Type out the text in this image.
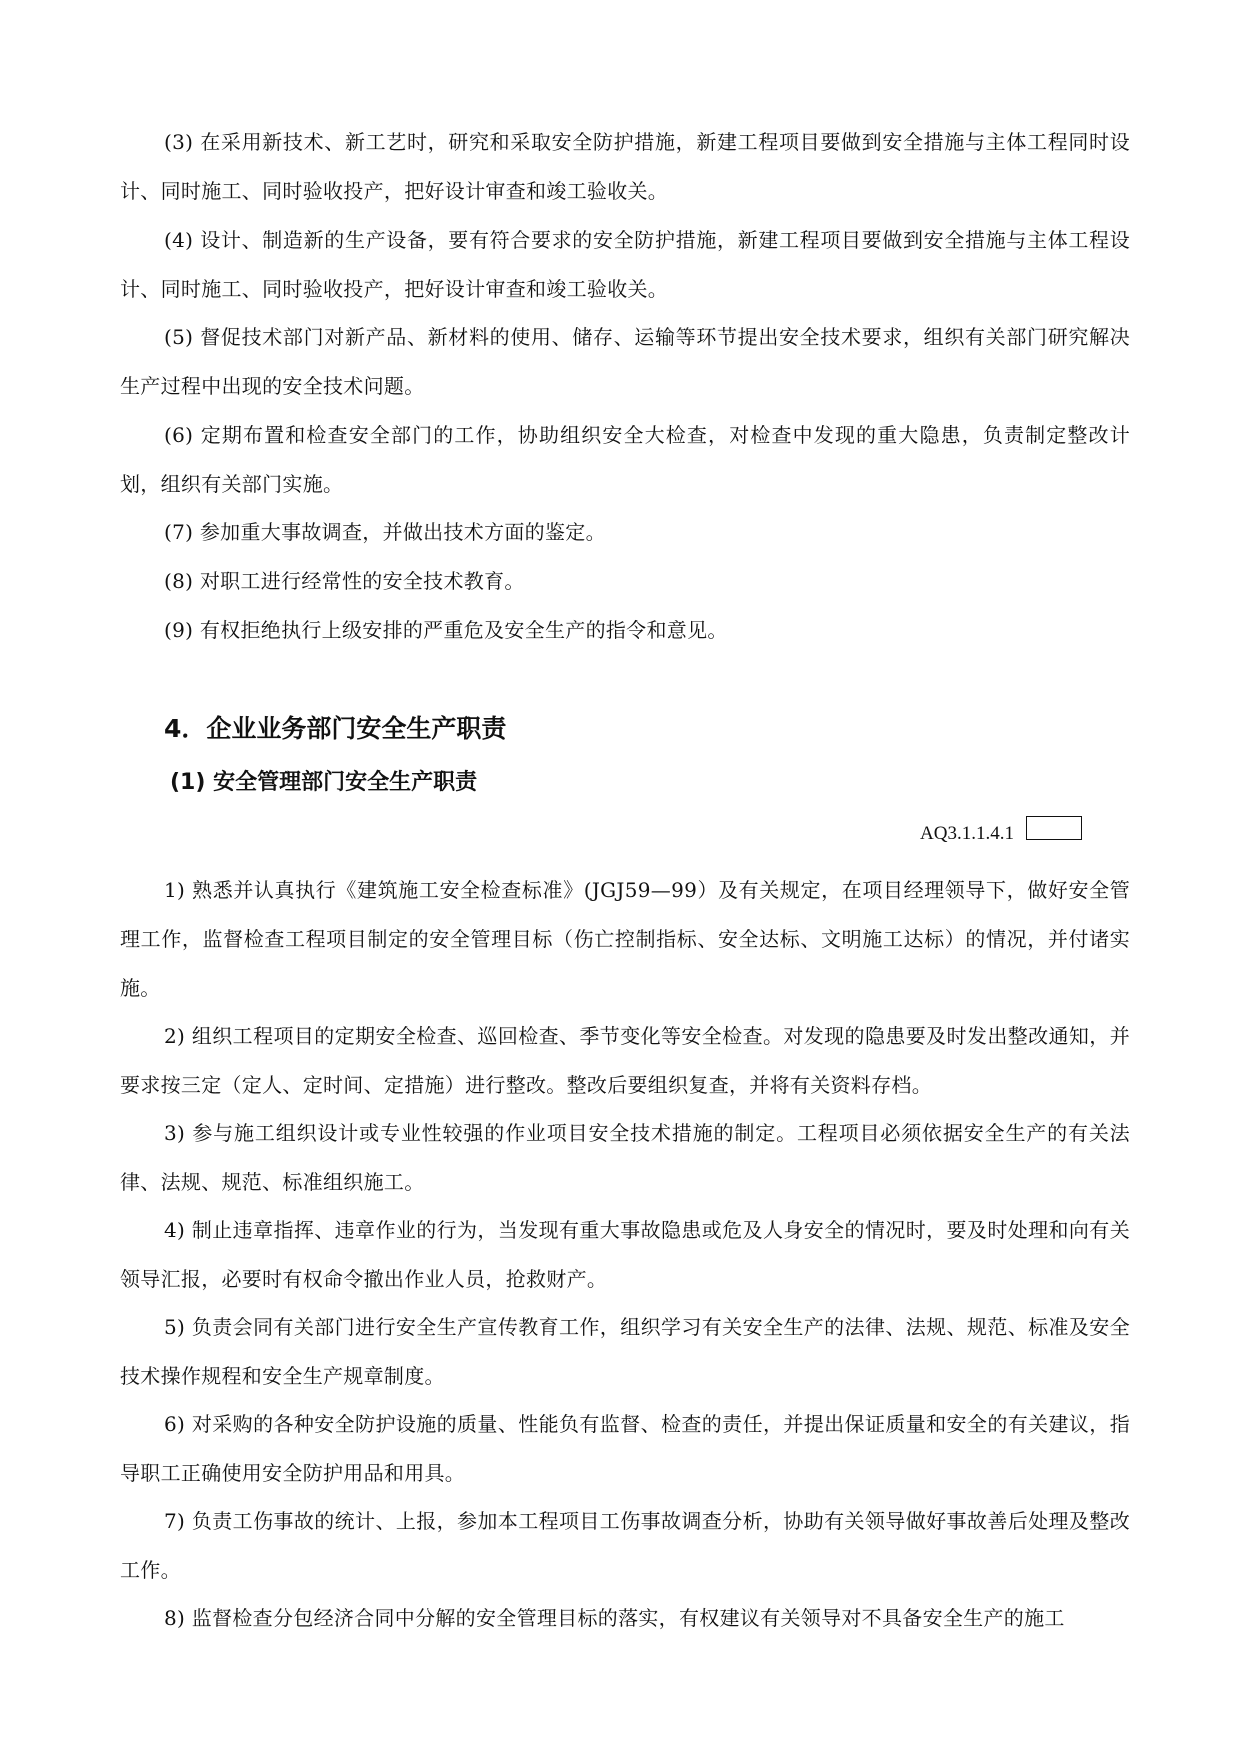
(3) 在采用新技术、新工艺时，研究和采取安全防护措施，新建工程项目要做到安全措施与主体工程同时设计、同时施工、同时验收投产，把好设计审查和竣工验收关。

(4) 设计、制造新的生产设备，要有符合要求的安全防护措施，新建工程项目要做到安全措施与主体工程设计、同时施工、同时验收投产，把好设计审查和竣工验收关。

(5) 督促技术部门对新产品、新材料的使用、储存、运输等环节提出安全技术要求，组织有关部门研究解决生产过程中出现的安全技术问题。

(6) 定期布置和检查安全部门的工作，协助组织安全大检查，对检查中发现的重大隐患，负责制定整改计划，组织有关部门实施。

(7) 参加重大事故调查，并做出技术方面的鉴定。

(8) 对职工进行经常性的安全技术教育。

(9) 有权拒绝执行上级安排的严重危及安全生产的指令和意见。

4．企业业务部门安全生产职责
(1) 安全管理部门安全生产职责
AQ3.1.1.4.1

1) 熟悉并认真执行《建筑施工安全检查标准》(JGJ59—99）及有关规定，在项目经理领导下，做好安全管理工作，监督检查工程项目制定的安全管理目标（伤亡控制指标、安全达标、文明施工达标）的情况，并付诸实施。

2) 组织工程项目的定期安全检查、巡回检查、季节变化等安全检查。对发现的隐患要及时发出整改通知，并要求按三定（定人、定时间、定措施）进行整改。整改后要组织复查，并将有关资料存档。

3) 参与施工组织设计或专业性较强的作业项目安全技术措施的制定。工程项目必须依据安全生产的有关法律、法规、规范、标准组织施工。

4) 制止违章指挥、违章作业的行为，当发现有重大事故隐患或危及人身安全的情况时，要及时处理和向有关领导汇报，必要时有权命令撤出作业人员，抢救财产。

5) 负责会同有关部门进行安全生产宣传教育工作，组织学习有关安全生产的法律、法规、规范、标准及安全技术操作规程和安全生产规章制度。

6) 对采购的各种安全防护设施的质量、性能负有监督、检查的责任，并提出保证质量和安全的有关建议，指导职工正确使用安全防护用品和用具。

7) 负责工伤事故的统计、上报，参加本工程项目工伤事故调查分析，协助有关领导做好事故善后处理及整改工作。

8) 监督检查分包经济合同中分解的安全管理目标的落实，有权建议有关领导对不具备安全生产的施工
